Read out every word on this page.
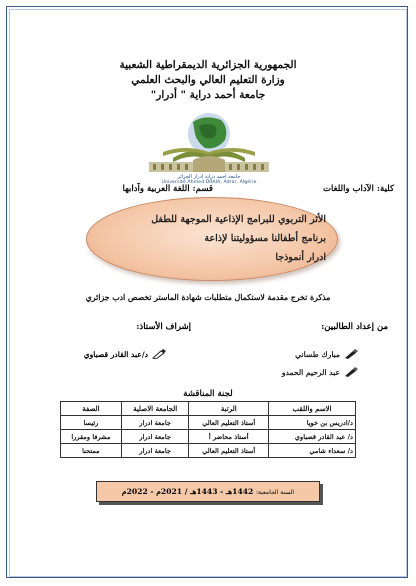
الجمهورية الجزائرية الديمقراطية الشعبية
وزارة التعليم العالي والبحث العلمي
جامعة أحمد دراية " أدرار"
جامعة احمد دراية ادرار الجزائر
Université Ahmed DRAIA, Adrar, Algérie
كلية: الآداب واللغات
قسم: اللغة العربية وآدابها
الأثر التربوي للبرامج الإذاعية الموجهة للطفل
برنامج أطفالنا مسؤوليتنا لإذاعة
ادرار أنموذجا
مذكرة تخرج مقدمة لاستكمال متطلبات شهادة الماستر تخصص ادب جزائري
من إعداد الطالبين:
إشراف الأستاذ:
مبارك طساني
عبد الرحيم الحمدو
د/عبد القادر قصباوي
لجنة المناقشة
الاسم واللقب	الرتبة	الجامعة الاصلية	الصفة
د/ادريس بن خويا	أستاذ التعليم العالي	جامعة ادرار	رئيسا
د/ عبد القادر قصباوي	أستاذ محاضر أ	جامعة ادرار	مشرفا ومقررا
د/ سعداء شامي	أستاذ التعليم العالي	جامعة ادرار	ممتحنا
السنة الجامعية: 1442هـ - 1443هـ / 2021م - 2022م
